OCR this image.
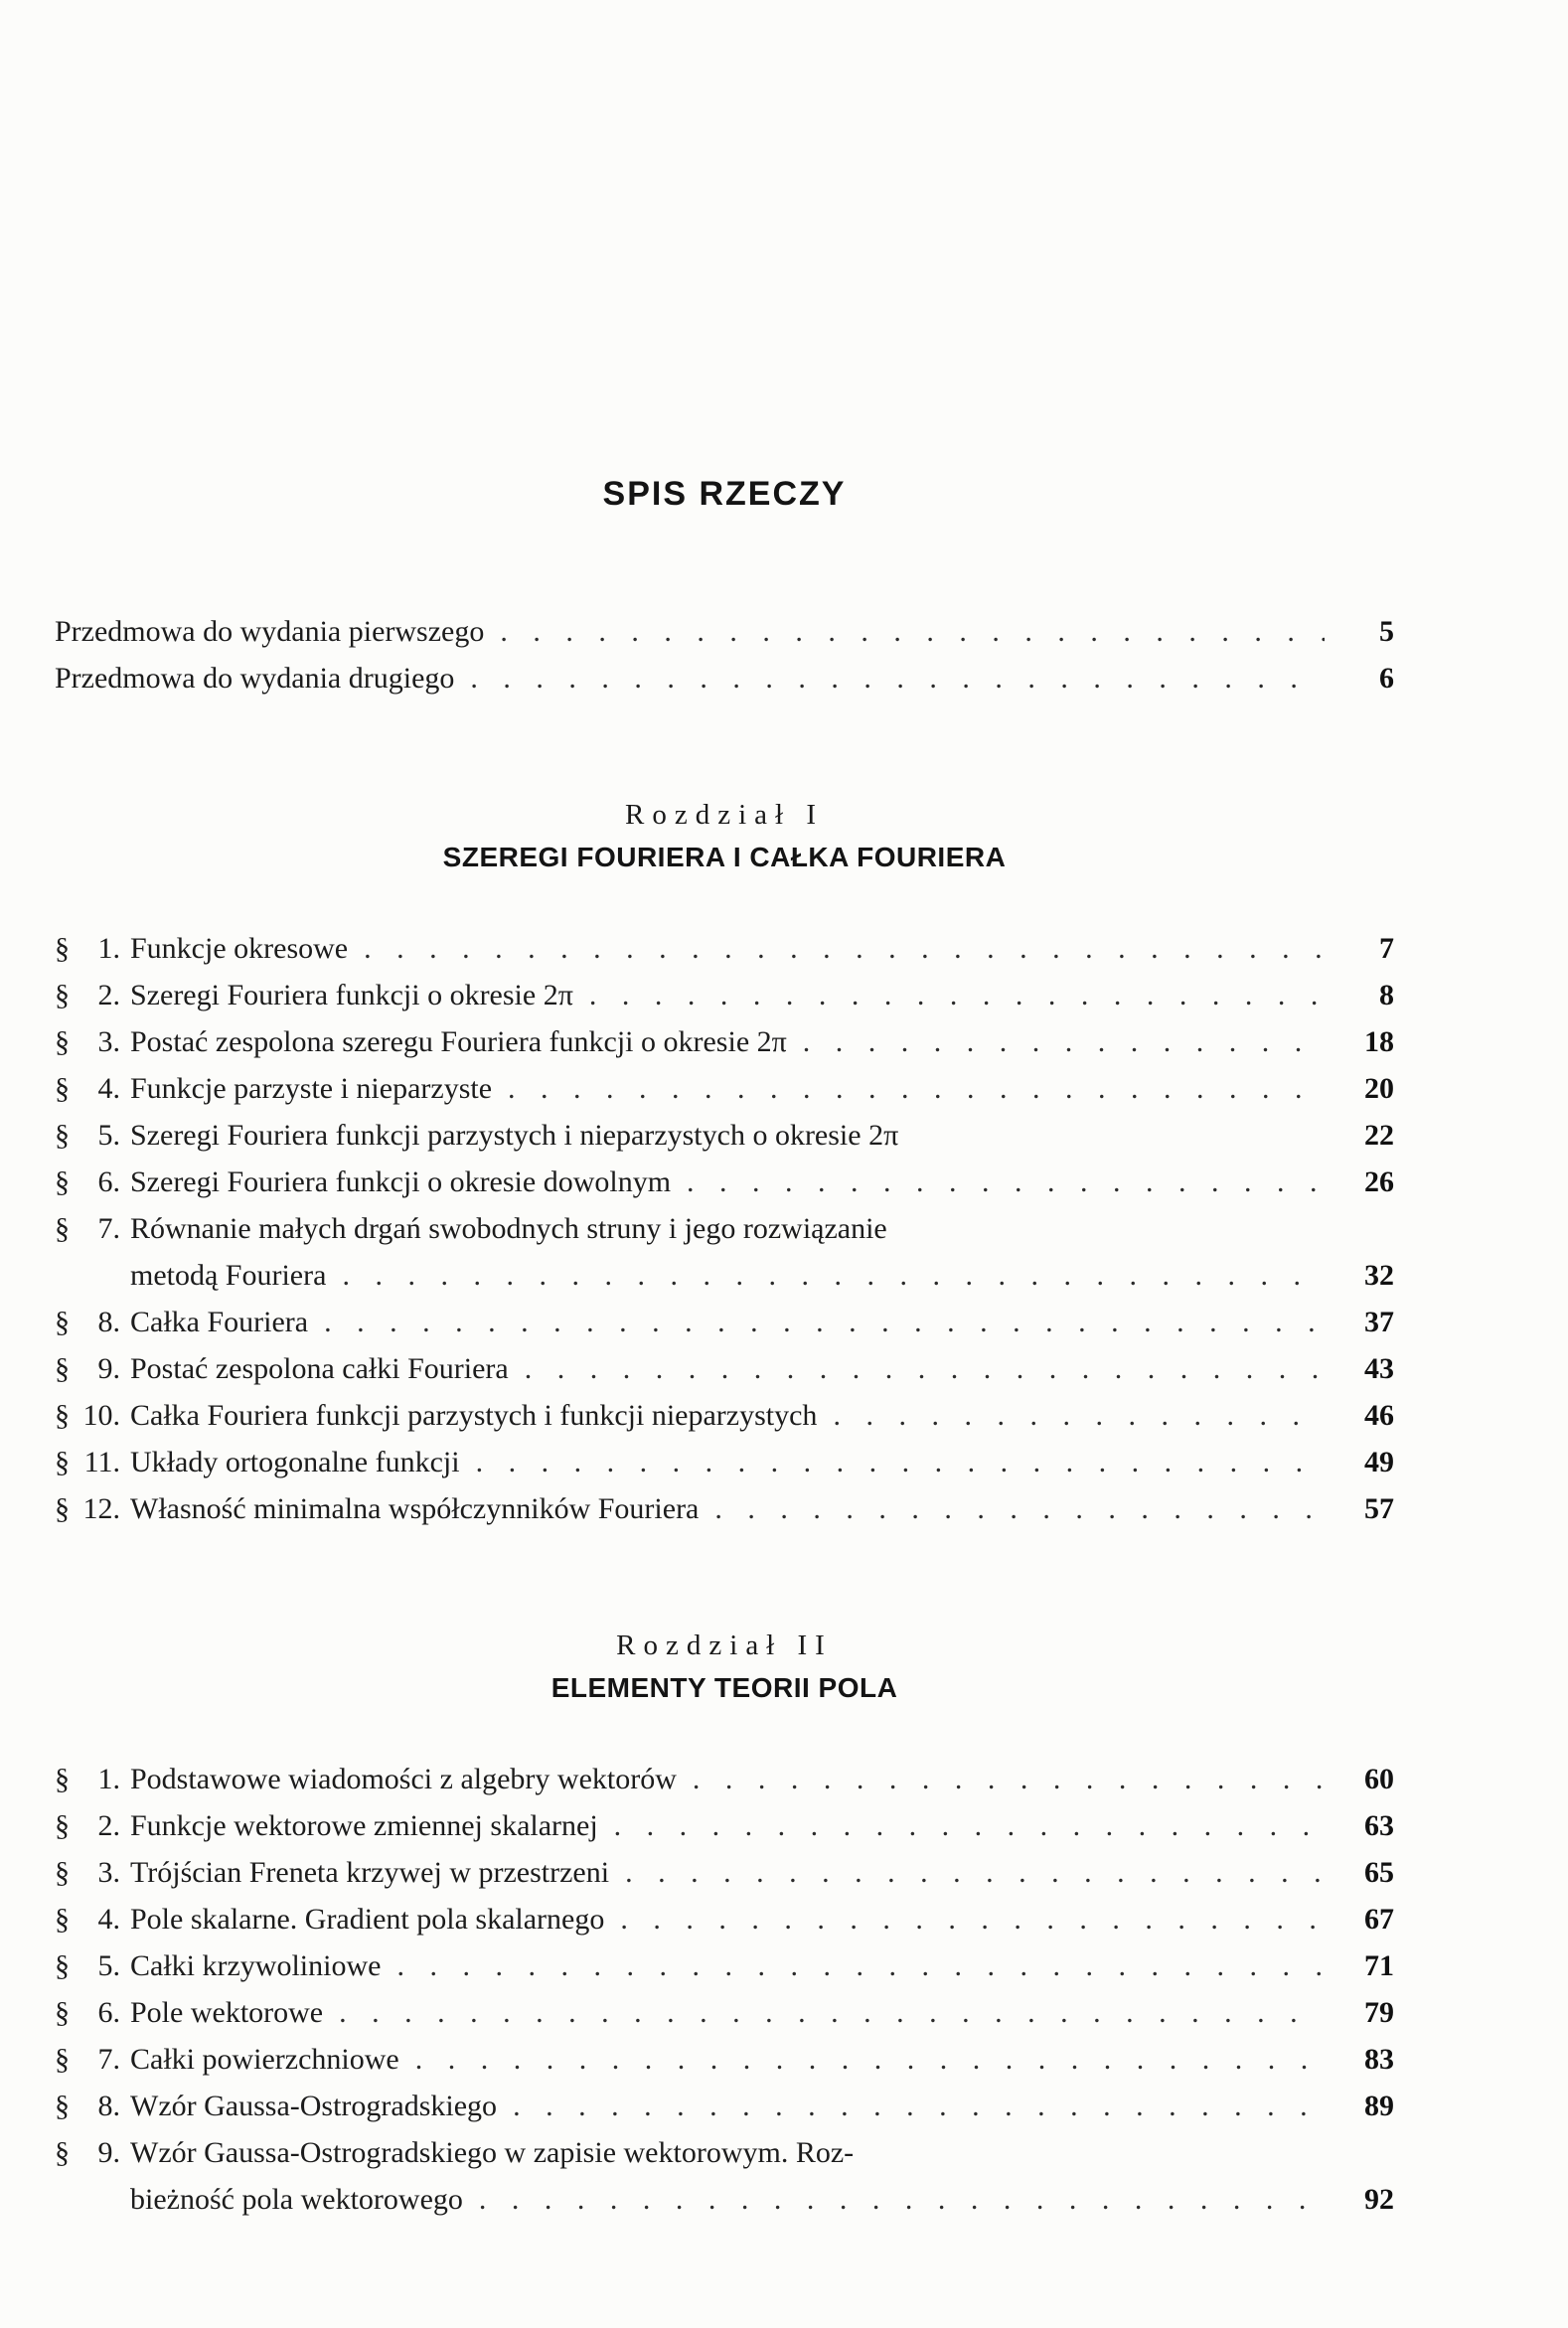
SPIS RZECZY
Przedmowa do wydania pierwszego . . .	5
Przedmowa do wydania drugiego . . .	6
Rozdział I
SZEREGI FOURIERA I CAŁKA FOURIERA
§ 1. Funkcje okresowe . . .	7
§ 2. Szeregi Fouriera funkcji o okresie 2π . . .	8
§ 3. Postać zespolona szeregu Fouriera funkcji o okresie 2π . . .	18
§ 4. Funkcje parzyste i nieparzyste . . .	20
§ 5. Szeregi Fouriera funkcji parzystych i nieparzystych o okresie 2π	22
§ 6. Szeregi Fouriera funkcji o okresie dowolnym . . .	26
§ 7. Równanie małych drgań swobodnych struny i jego rozwiązanie
metodą Fouriera . . .	32
§ 8. Całka Fouriera . . .	37
§ 9. Postać zespolona całki Fouriera . . .	43
§ 10. Całka Fouriera funkcji parzystych i funkcji nieparzystych . . .	46
§ 11. Układy ortogonalne funkcji . . .	49
§ 12. Własność minimalna współczynników Fouriera . . .	57
Rozdział II
ELEMENTY TEORII POLA
§ 1. Podstawowe wiadomości z algebry wektorów . . .	60
§ 2. Funkcje wektorowe zmiennej skalarnej . . .	63
§ 3. Trójścian Freneta krzywej w przestrzeni . . .	65
§ 4. Pole skalarne. Gradient pola skalarnego . . .	67
§ 5. Całki krzywoliniowe . . .	71
§ 6. Pole wektorowe . . .	79
§ 7. Całki powierzchniowe . . .	83
§ 8. Wzór Gaussa-Ostrogradskiego . . .	89
§ 9. Wzór Gaussa-Ostrogradskiego w zapisie wektorowym. Roz-
bieżność pola wektorowego . . .	92
